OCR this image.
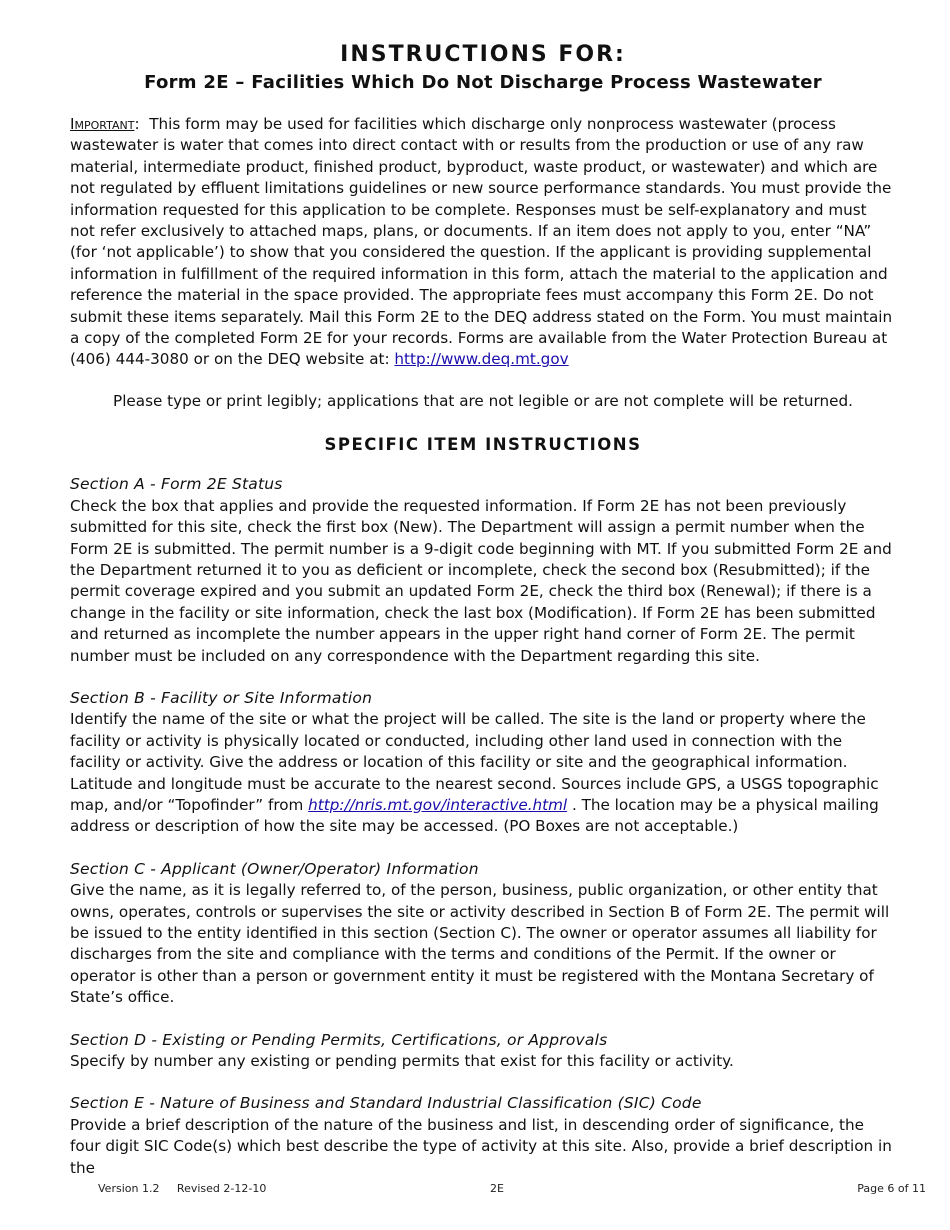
INSTRUCTIONS FOR:
Form 2E – Facilities Which Do Not Discharge Process Wastewater

Important:  This form may be used for facilities which discharge only nonprocess wastewater (process wastewater is water that comes into direct contact with or results from the production or use of any raw material, intermediate product, finished product, byproduct, waste product, or wastewater) and which are not regulated by effluent limitations guidelines or new source performance standards. You must provide the information requested for this application to be complete. Responses must be self-explanatory and must not refer exclusively to attached maps, plans, or documents. If an item does not apply to you, enter “NA” (for ‘not applicable’) to show that you considered the question. If the applicant is providing supplemental information in fulfillment of the required information in this form, attach the material to the application and reference the material in the space provided. The appropriate fees must accompany this Form 2E. Do not submit these items separately. Mail this Form 2E to the DEQ address stated on the Form. You must maintain a copy of the completed Form 2E for your records. Forms are available from the Water Protection Bureau at (406) 444-3080 or on the DEQ website at: http://www.deq.mt.gov

Please type or print legibly; applications that are not legible or are not complete will be returned.

SPECIFIC ITEM INSTRUCTIONS

Section A - Form 2E Status

Check the box that applies and provide the requested information. If Form 2E has not been previously submitted for this site, check the first box (New). The Department will assign a permit number when the Form 2E is submitted. The permit number is a 9-digit code beginning with MT. If you submitted Form 2E and the Department returned it to you as deficient or incomplete, check the second box (Resubmitted); if the permit coverage expired and you submit an updated Form 2E, check the third box (Renewal); if there is a change in the facility or site information, check the last box (Modification). If Form 2E has been submitted and returned as incomplete the number appears in the upper right hand corner of Form 2E. The permit number must be included on any correspondence with the Department regarding this site.

Section B - Facility or Site Information

Identify the name of the site or what the project will be called. The site is the land or property where the facility or activity is physically located or conducted, including other land used in connection with the facility or activity. Give the address or location of this facility or site and the geographical information. Latitude and longitude must be accurate to the nearest second. Sources include GPS, a USGS topographic map, and/or “Topofinder” from http://nris.mt.gov/interactive.html . The location may be a physical mailing address or description of how the site may be accessed. (PO Boxes are not acceptable.)

Section C - Applicant (Owner/Operator) Information

Give the name, as it is legally referred to, of the person, business, public organization, or other entity that owns, operates, controls or supervises the site or activity described in Section B of Form 2E. The permit will be issued to the entity identified in this section (Section C). The owner or operator assumes all liability for discharges from the site and compliance with the terms and conditions of the Permit. If the owner or operator is other than a person or government entity it must be registered with the Montana Secretary of State’s office.

Section D - Existing or Pending Permits, Certifications, or Approvals

Specify by number any existing or pending permits that exist for this facility or activity.

Section E - Nature of Business and Standard Industrial Classification (SIC) Code

Provide a brief description of the nature of the business and list, in descending order of significance, the four digit SIC Code(s) which best describe the type of activity at this site. Also, provide a brief description in the

Version 1.2     Revised 2-12-10	2E	Page 6 of 11
